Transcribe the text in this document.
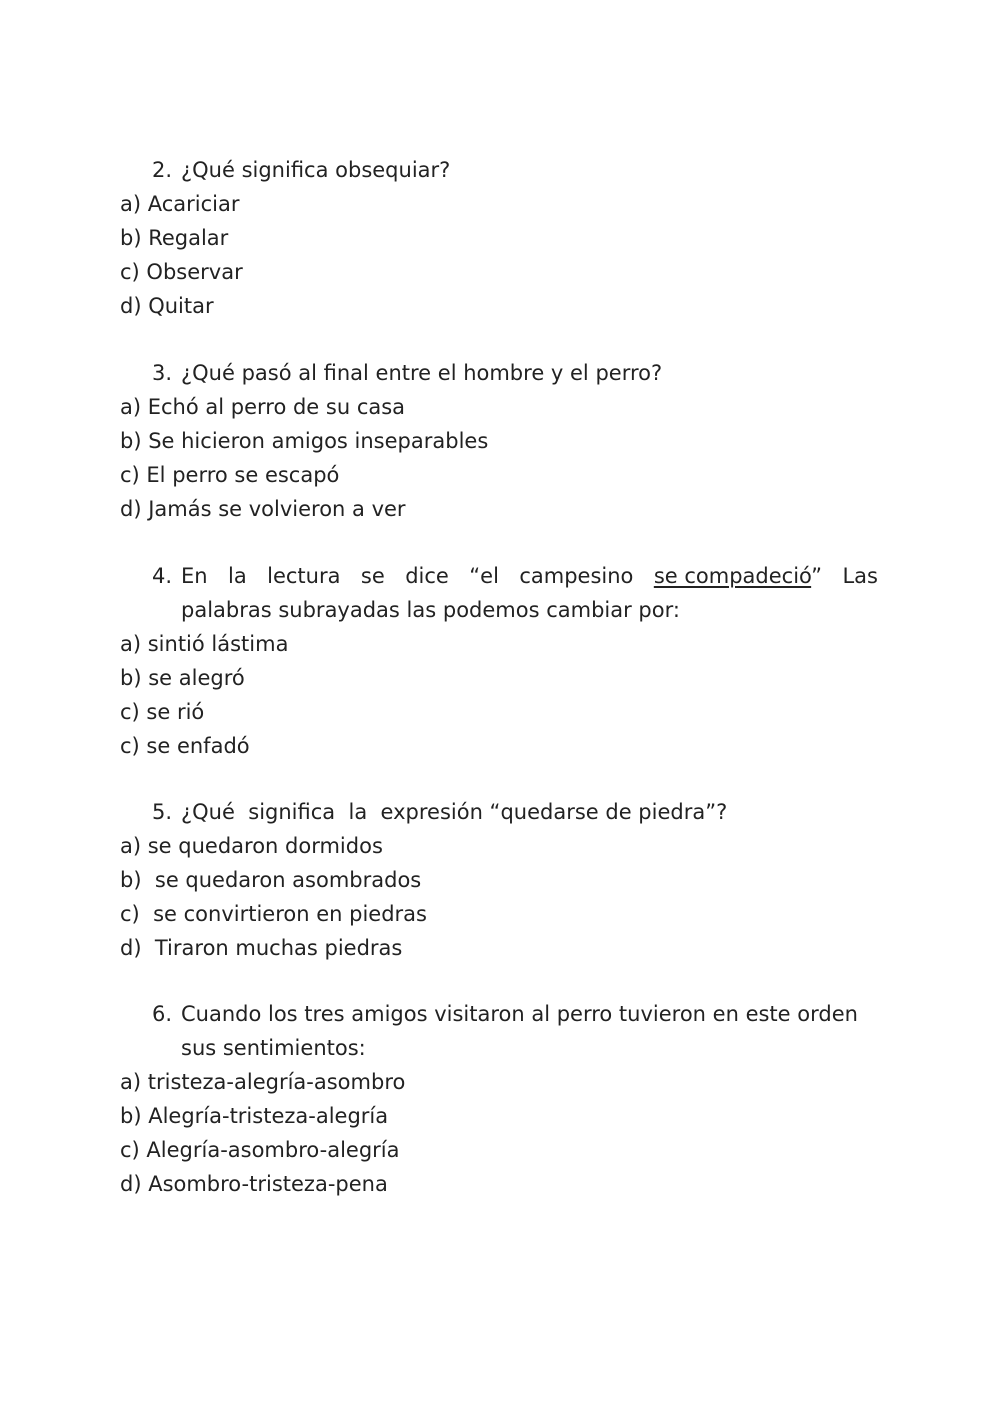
2. ¿Qué significa obsequiar?
a) Acariciar
b) Regalar
c) Observar
d) Quitar
3. ¿Qué pasó al final entre el hombre y el perro?
a) Echó al perro de su casa
b) Se hicieron amigos inseparables
c) El perro se escapó
d) Jamás se volvieron a ver
4. En la lectura se dice “el campesino se compadeció” Las
palabras subrayadas las podemos cambiar por:
a) sintió lástima
b) se alegró
c) se rió
c) se enfadó
5. ¿Qué  significa  la  expresión “quedarse de piedra”?
a) se quedaron dormidos
b)  se quedaron asombrados
c)  se convirtieron en piedras
d)  Tiraron muchas piedras
6. Cuando los tres amigos visitaron al perro tuvieron en este orden
sus sentimientos:
a) tristeza-alegría-asombro
b) Alegría-tristeza-alegría
c) Alegría-asombro-alegría
d) Asombro-tristeza-pena
